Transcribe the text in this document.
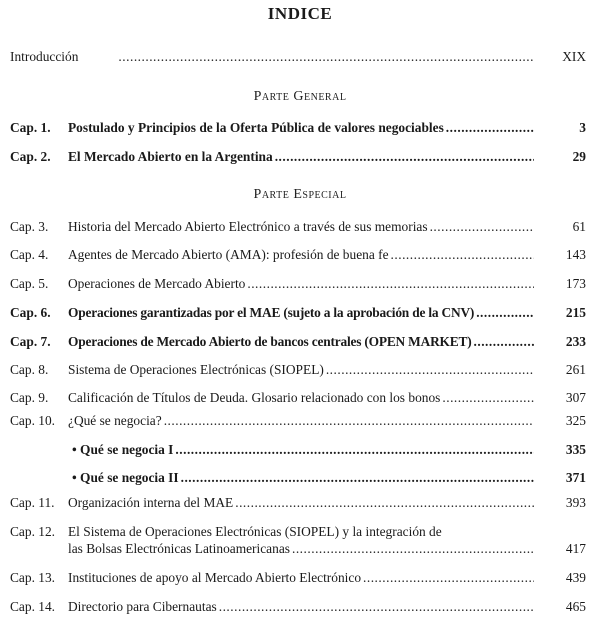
INDICE
Introducción .....	XIX
Parte General
Cap. 1. Postulado y Principios de la Oferta Pública de valores negociables .....	3
Cap. 2. El Mercado Abierto en la Argentina .....	29
Parte Especial
Cap. 3. Historia del Mercado Abierto Electrónico a través de sus memorias .....	61
Cap. 4. Agentes de Mercado Abierto (AMA): profesión de buena fe .....	143
Cap. 5. Operaciones de Mercado Abierto .....	173
Cap. 6. Operaciones garantizadas por el MAE (sujeto a la aprobación de la CNV) .....	215
Cap. 7. Operaciones de Mercado Abierto de bancos centrales (OPEN MARKET) .....	233
Cap. 8. Sistema de Operaciones Electrónicas (SIOPEL) .....	261
Cap. 9. Calificación de Títulos de Deuda. Glosario relacionado con los bonos .....	307
Cap. 10. ¿Qué se negocia? .....	325
• Qué se negocia I .....	335
• Qué se negocia II .....	371
Cap. 11. Organización interna del MAE .....	393
Cap. 12. El Sistema de Operaciones Electrónicas (SIOPEL) y la integración de
las Bolsas Electrónicas Latinoamericanas .....	417
Cap. 13. Instituciones de apoyo al Mercado Abierto Electrónico .....	439
Cap. 14. Directorio para Cibernautas .....	465
